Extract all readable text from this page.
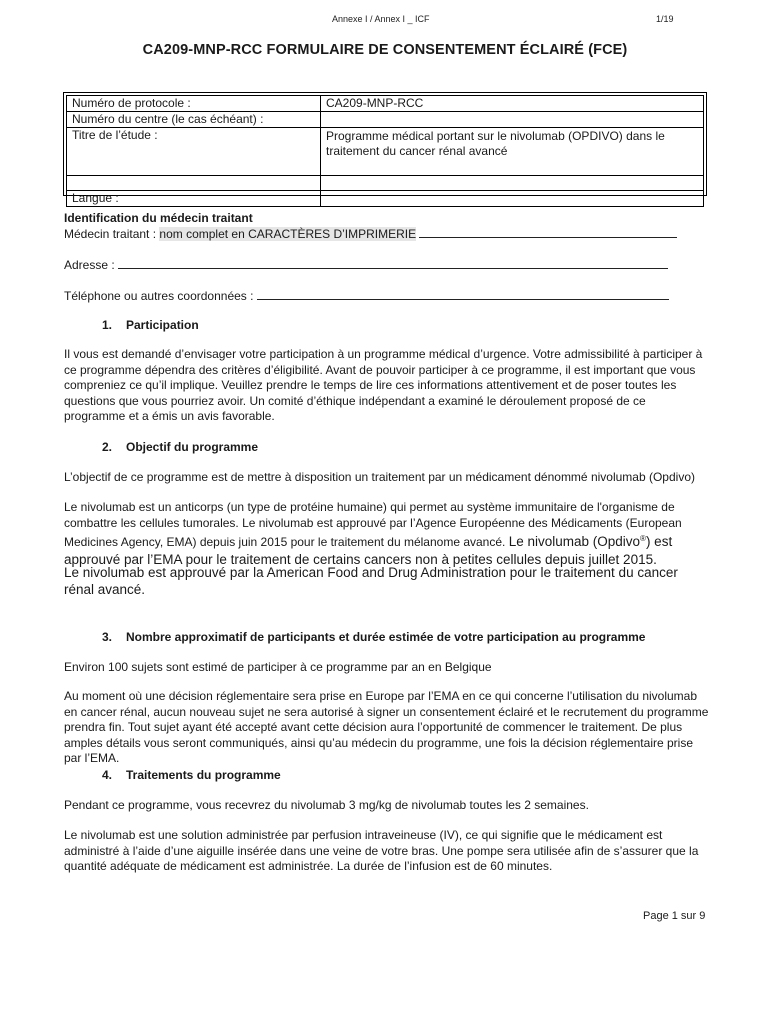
Annexe I / Annex I _ ICF	1/19
CA209-MNP-RCC FORMULAIRE DE CONSENTEMENT ÉCLAIRÉ (FCE)
Numéro de protocole :	CA209-MNP-RCC
Numéro du centre (le cas échéant) :	
Titre de l’étude :	Programme médical portant sur le nivolumab (OPDIVO) dans le traitement du cancer rénal avancé

Langue :	
Identification du médecin traitant
Médecin traitant : nom complet en CARACTÈRES D’IMPRIMERIE
Adresse :
Téléphone ou autres coordonnées :
1. Participation
Il vous est demandé d’envisager votre participation à un programme médical d’urgence. Votre admissibilité à participer à ce programme dépendra des critères d’éligibilité. Avant de pouvoir participer à ce programme, il est important que vous compreniez ce qu’il implique. Veuillez prendre le temps de lire ces informations attentivement et de poser toutes les questions que vous pourriez avoir. Un comité d’éthique indépendant a examiné le déroulement proposé de ce programme et a émis un avis favorable.
2. Objectif du programme
L’objectif de ce programme est de mettre à disposition un traitement par un médicament dénommé nivolumab (Opdivo)
Le nivolumab est un anticorps (un type de protéine humaine) qui permet au système immunitaire de l'organisme de combattre les cellules tumorales. Le nivolumab est approuvé par l’Agence Européenne des Médicaments (European Medicines Agency, EMA) depuis juin 2015 pour le traitement du mélanome avancé. Le nivolumab (Opdivo®) est approuvé par l’EMA pour le traitement de certains cancers non à petites cellules depuis juillet 2015.
Le nivolumab est approuvé par la American Food and Drug Administration pour le traitement du cancer rénal avancé.
3. Nombre approximatif de participants et durée estimée de votre participation au programme
Environ 100 sujets sont estimé de participer à ce programme par an en Belgique
Au moment où une décision réglementaire sera prise en Europe par l’EMA en ce qui concerne l’utilisation du nivolumab en cancer rénal, aucun nouveau sujet ne sera autorisé à signer un consentement éclairé et le recrutement du programme prendra fin. Tout sujet ayant été accepté avant cette décision aura l’opportunité de commencer le traitement. De plus amples détails vous seront communiqués, ainsi qu’au médecin du programme, une fois la décision réglementaire prise par l’EMA.
4. Traitements du programme
Pendant ce programme, vous recevrez du nivolumab 3 mg/kg de nivolumab toutes les 2 semaines.
Le nivolumab est une solution administrée par perfusion intraveineuse (IV), ce qui signifie que le médicament est administré à l’aide d’une aiguille insérée dans une veine de votre bras. Une pompe sera utilisée afin de s’assurer que la quantité adéquate de médicament est administrée. La durée de l’infusion est de 60 minutes.
Page 1 sur 9
